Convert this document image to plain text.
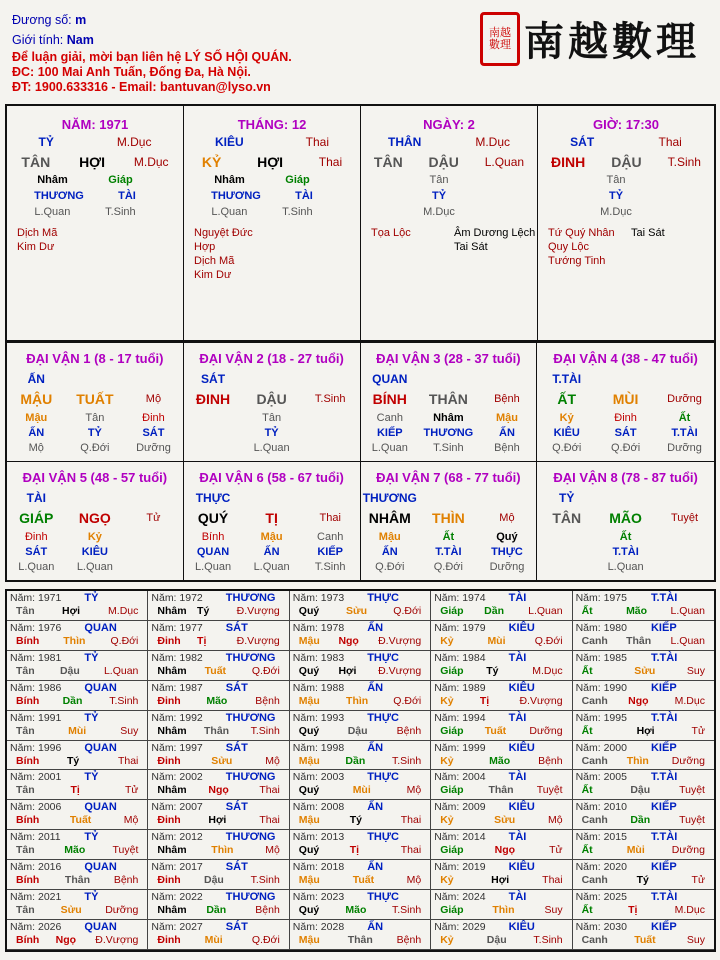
Đương số: m
Giới tính: Nam
Để luận giải, mời bạn liên hệ LÝ SỐ HỘI QUÁN.
ĐC: 100 Mai Anh Tuấn, Đống Đa, Hà Nội.
ĐT: 1900.633316 - Email: bantuvan@lyso.vn
南越
數理 南越數理
NĂM: 1971
TỶ	M.Dục
TÂN HỢI M.Dục
Nhâm	Giáp
THƯƠNG	TÀI
L.Quan	T.Sinh
Dịch Mã
Kim Dư
THÁNG: 12
KIÊU	Thai
KỶ	HỢI	Thai
Nhâm	Giáp
THƯƠNG	TÀI
L.Quan	T.Sinh
Nguyệt Đức Hợp
Dịch Mã
Kim Dư
NGÀY: 2
THÂN	M.Dục
TÂN DẬU L.Quan
Tân
TỶ
M.Dục
Tọa Lộc	Âm Dương Lệch
Tai Sát
GIỜ: 17:30
SÁT	Thai
ĐINH DẬU T.Sinh
Tân
TỶ
M.Dục
Tứ Quý Nhân
Quy Lộc
Tướng Tinh
Tai Sát
ĐẠI VẬN 1 (8 - 17 tuổi)
ẤN
MẬU	TUẤT	Mộ
Mậu	Tân	Đinh
ẤN	TỶ	SÁT
Mộ	Q.Đới	Dưỡng
ĐẠI VẬN 2 (18 - 27 tuổi)
SÁT
ĐINH	DẬU	T.Sinh
Tân
TỶ
L.Quan
ĐẠI VẬN 3 (28 - 37 tuổi)
QUAN
BÍNH	THÂN	Bệnh
Canh	Nhâm	Mậu
KIẾP	THƯƠNG	ẤN
L.Quan	T.Sinh	Bệnh
ĐẠI VẬN 4 (38 - 47 tuổi)
T.TÀI
ẤT	MÙI	Dưỡng
Kỷ	Đinh	Ất
KIÊU	SÁT	T.TÀI
Q.Đới	Q.Đới	Dưỡng
ĐẠI VẬN 5 (48 - 57 tuổi)
TÀI
GIÁP	NGỌ	Tử
Đinh	Kỷ
SÁT	KIÊU
L.Quan	L.Quan
ĐẠI VẬN 6 (58 - 67 tuổi)
THỰC
QUÝ	TỊ	Thai
Bính	Mậu	Canh
QUAN	ẤN	KIẾP
L.Quan	L.Quan	T.Sinh
ĐẠI VẬN 7 (68 - 77 tuổi)
THƯƠNG
NHÂM	THÌN	Mộ
Mậu	Ất	Quý
ẤN	T.TÀI	THỰC
Q.Đới	Q.Đới	Dưỡng
ĐẠI VẬN 8 (78 - 87 tuổi)
TỶ
TÂN	MÃO	Tuyệt
Ất
T.TÀI
L.Quan
Năm: 1971 TỶ
Tân	Hợi	M.Dục
Năm: 1972 THƯƠNG
Nhâm Tý	Đ.Vượng
Năm: 1973 THỰC
Quý	Sửu	Q.Đới
Năm: 1974 TÀI
Giáp	Dần	L.Quan
Năm: 1975 T.TÀI
Ất	Mão	L.Quan
Năm: 1976 QUAN
Bính	Thìn	Q.Đới
Năm: 1977 SÁT
Đinh	Tị	Đ.Vượng
Năm: 1978 ẤN
Mậu	Ngọ	Đ.Vượng
Năm: 1979 KIÊU
Kỷ	Mùi	Q.Đới
Năm: 1980 KIẾP
Canh	Thân	L.Quan
Năm: 1981 TỶ
Tân	Dậu	L.Quan
Năm: 1982 THƯƠNG
Nhâm	Tuất	Q.Đới
Năm: 1983 THỰC
Quý	Hợi	Đ.Vượng
Năm: 1984 TÀI
Giáp	Tý	M.Dục
Năm: 1985 T.TÀI
Ất	Sửu	Suy
Năm: 1986 QUAN
Bính	Dần	T.Sinh
Năm: 1987 SÁT
Đinh	Mão	Bệnh
Năm: 1988 ẤN
Mậu	Thìn	Q.Đới
Năm: 1989 KIÊU
Kỷ	Tị	Đ.Vượng
Năm: 1990 KIẾP
Canh	Ngọ	M.Dục
Năm: 1991 TỶ
Tân	Mùi	Suy
Năm: 1992 THƯƠNG
Nhâm	Thân	T.Sinh
Năm: 1993 THỰC
Quý	Dậu	Bệnh
Năm: 1994 TÀI
Giáp	Tuất	Dưỡng
Năm: 1995 T.TÀI
Ất	Hợi	Tử
Năm: 1996 QUAN
Bính	Tý	Thai
Năm: 1997 SÁT
Đinh	Sửu	Mộ
Năm: 1998 ẤN
Mậu	Dần	T.Sinh
Năm: 1999 KIÊU
Kỷ	Mão	Bệnh
Năm: 2000 KIẾP
Canh	Thìn	Dưỡng
Năm: 2001 TỶ
Tân	Tị	Tử
Năm: 2002 THƯƠNG
Nhâm	Ngọ	Thai
Năm: 2003 THỰC
Quý	Mùi	Mộ
Năm: 2004 TÀI
Giáp	Thân	Tuyệt
Năm: 2005 T.TÀI
Ất	Dậu	Tuyệt
Năm: 2006 QUAN
Bính	Tuất	Mộ
Năm: 2007 SÁT
Đinh	Hợi	Thai
Năm: 2008 ẤN
Mậu	Tý	Thai
Năm: 2009 KIÊU
Kỷ	Sửu	Mộ
Năm: 2010 KIẾP
Canh	Dần	Tuyệt
Năm: 2011 TỶ
Tân	Mão	Tuyệt
Năm: 2012 THƯƠNG
Nhâm	Thìn	Mộ
Năm: 2013 THỰC
Quý	Tị	Thai
Năm: 2014 TÀI
Giáp	Ngọ	Tử
Năm: 2015 T.TÀI
Ất	Mùi	Dưỡng
Năm: 2016 QUAN
Bính	Thân	Bệnh
Năm: 2017 SÁT
Đinh	Dậu	T.Sinh
Năm: 2018 ẤN
Mậu	Tuất	Mộ
Năm: 2019 KIÊU
Kỷ	Hợi	Thai
Năm: 2020 KIẾP
Canh	Tý	Tử
Năm: 2021 TỶ
Tân	Sửu	Dưỡng
Năm: 2022 THƯƠNG
Nhâm	Dần	Bệnh
Năm: 2023 THỰC
Quý	Mão	T.Sinh
Năm: 2024 TÀI
Giáp	Thìn	Suy
Năm: 2025 T.TÀI
Ất	Tị	M.Dục
Năm: 2026 QUAN
Bính	Ngọ	Đ.Vượng
Năm: 2027 SÁT
Đinh	Mùi	Q.Đới
Năm: 2028 ẤN
Mậu	Thân	Bệnh
Năm: 2029 KIÊU
Kỷ	Dậu	T.Sinh
Năm: 2030 KIẾP
Canh	Tuất	Suy
